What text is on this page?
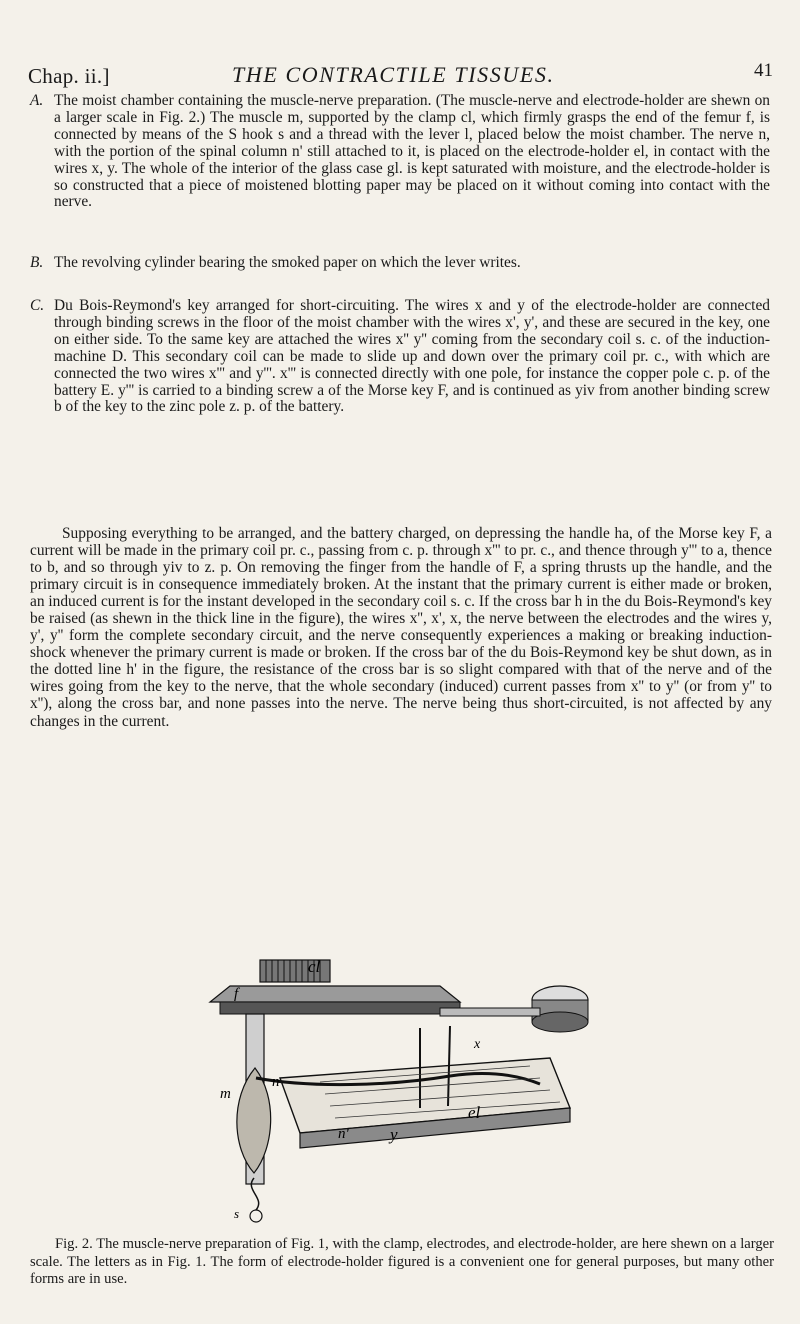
Chap. ii.]	THE CONTRACTILE TISSUES.	41
A. The moist chamber containing the muscle-nerve preparation. (The muscle-nerve and electrode-holder are shewn on a larger scale in Fig. 2.) The muscle m, supported by the clamp cl, which firmly grasps the end of the femur f, is connected by means of the S hook s and a thread with the lever l, placed below the moist chamber. The nerve n, with the portion of the spinal column n' still attached to it, is placed on the electrode-holder el, in contact with the wires x, y. The whole of the interior of the glass case gl. is kept saturated with moisture, and the electrode-holder is so constructed that a piece of moistened blotting paper may be placed on it without coming into contact with the nerve.
B. The revolving cylinder bearing the smoked paper on which the lever writes.
C. Du Bois-Reymond's key arranged for short-circuiting. The wires x and y of the electrode-holder are connected through binding screws in the floor of the moist chamber with the wires x', y', and these are secured in the key, one on either side. To the same key are attached the wires x'' y'' coming from the secondary coil s. c. of the induction-machine D. This secondary coil can be made to slide up and down over the primary coil pr. c., with which are connected the two wires x''' and y'''. x''' is connected directly with one pole, for instance the copper pole c. p. of the battery E. y''' is carried to a binding screw a of the Morse key F, and is continued as yiv from another binding screw b of the key to the zinc pole z. p. of the battery.
Supposing everything to be arranged, and the battery charged, on depressing the handle ha, of the Morse key F, a current will be made in the primary coil pr. c., passing from c. p. through x''' to pr. c., and thence through y''' to a, thence to b, and so through yiv to z. p. On removing the finger from the handle of F, a spring thrusts up the handle, and the primary circuit is in consequence immediately broken. At the instant that the primary current is either made or broken, an induced current is for the instant developed in the secondary coil s. c. If the cross bar h in the du Bois-Reymond's key be raised (as shewn in the thick line in the figure), the wires x'', x', x, the nerve between the electrodes and the wires y, y', y'' form the complete secondary circuit, and the nerve consequently experiences a making or breaking induction-shock whenever the primary current is made or broken. If the cross bar of the du Bois-Reymond key be shut down, as in the dotted line h' in the figure, the resistance of the cross bar is so slight compared with that of the nerve and of the wires going from the key to the nerve, that the whole secondary (induced) current passes from x'' to y'' (or from y'' to x''), along the cross bar, and none passes into the nerve. The nerve being thus short-circuited, is not affected by any changes in the current.
cl
f
m
n
x
el
n' y
s
Fig. 2. The muscle-nerve preparation of Fig. 1, with the clamp, electrodes, and electrode-holder, are here shewn on a larger scale. The letters as in Fig. 1. The form of electrode-holder figured is a convenient one for general purposes, but many other forms are in use.
